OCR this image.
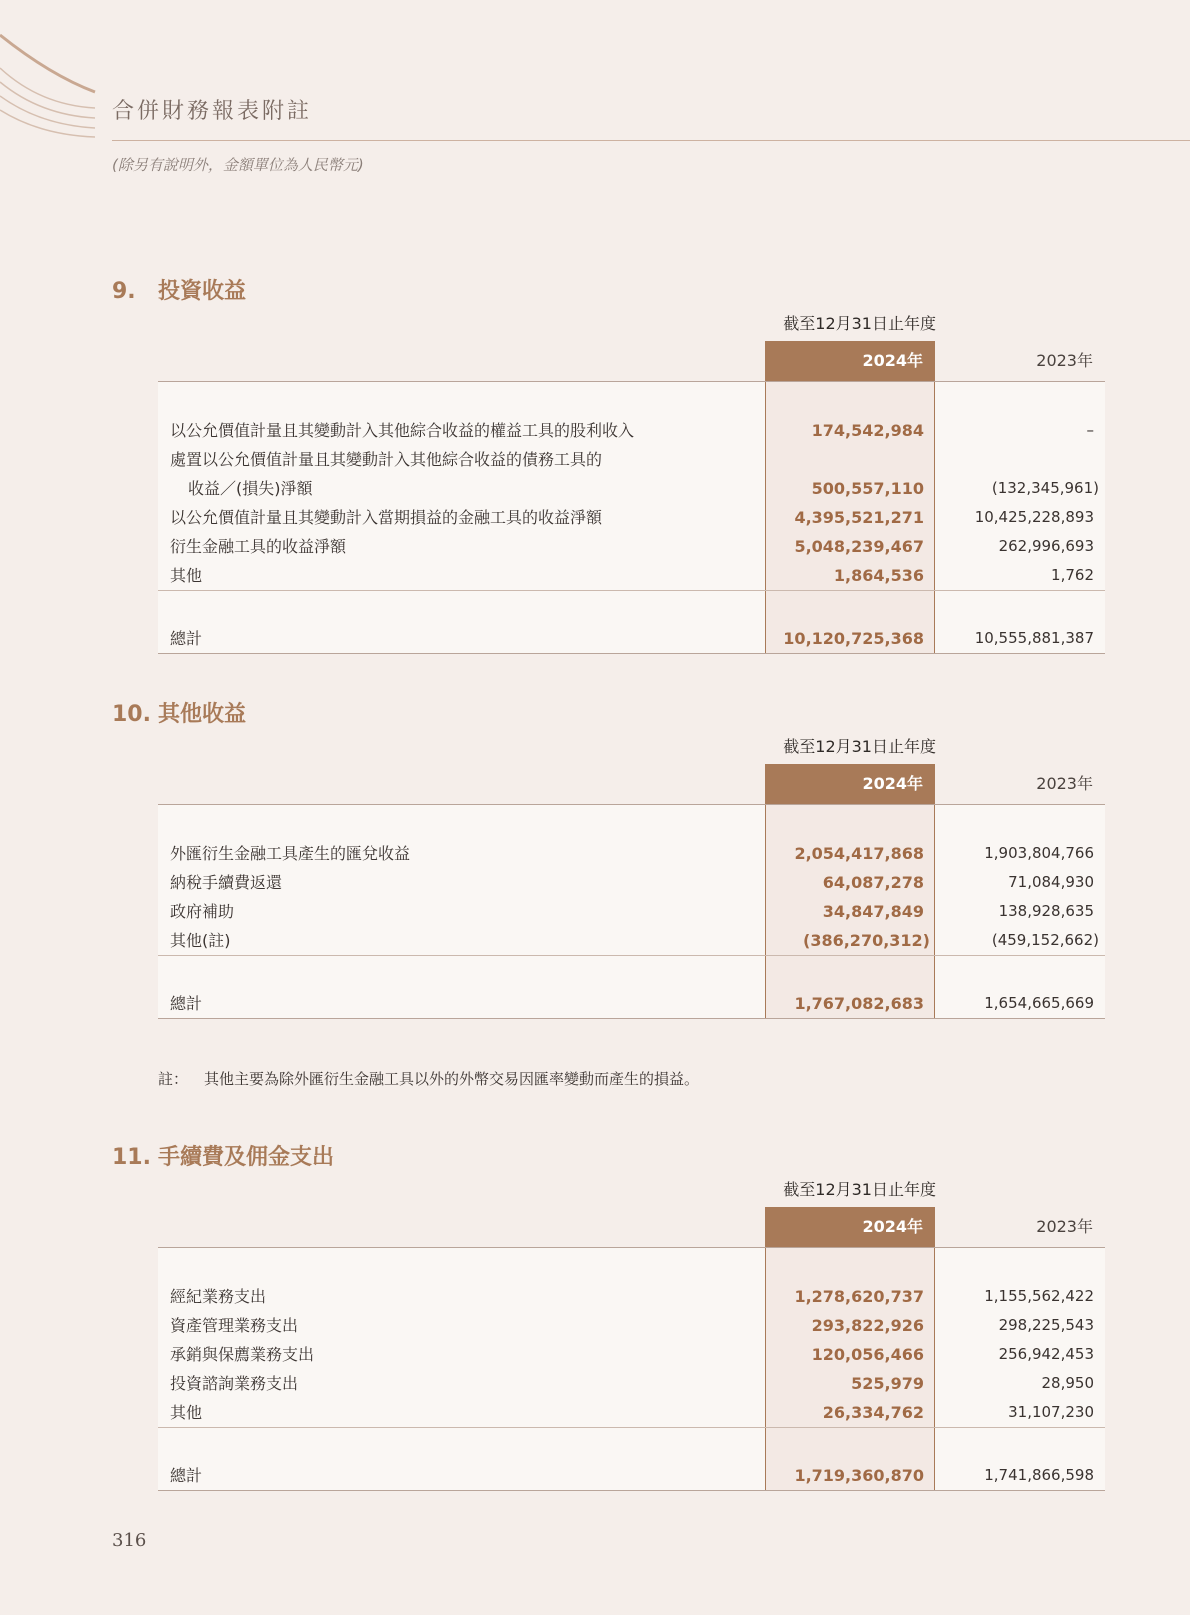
合併財務報表附註
(除另有說明外，金額單位為人民幣元)
9. 投資收益
截至12月31日止年度
2024年	2023年
以公允價值計量且其變動計入其他綜合收益的權益工具的股利收入	174,542,984	–
處置以公允價值計量且其變動計入其他綜合收益的債務工具的
收益／(損失)淨額	500,557,110	(132,345,961)
以公允價值計量且其變動計入當期損益的金融工具的收益淨額	4,395,521,271	10,425,228,893
衍生金融工具的收益淨額	5,048,239,467	262,996,693
其他	1,864,536	1,762
總計	10,120,725,368	10,555,881,387
10. 其他收益
截至12月31日止年度
2024年	2023年
外匯衍生金融工具產生的匯兌收益	2,054,417,868	1,903,804,766
納稅手續費返還	64,087,278	71,084,930
政府補助	34,847,849	138,928,635
其他(註)	(386,270,312)	(459,152,662)
總計	1,767,082,683	1,654,665,669
註： 其他主要為除外匯衍生金融工具以外的外幣交易因匯率變動而產生的損益。
11. 手續費及佣金支出
截至12月31日止年度
2024年	2023年
經紀業務支出	1,278,620,737	1,155,562,422
資產管理業務支出	293,822,926	298,225,543
承銷與保薦業務支出	120,056,466	256,942,453
投資諮詢業務支出	525,979	28,950
其他	26,334,762	31,107,230
總計	1,719,360,870	1,741,866,598
316
